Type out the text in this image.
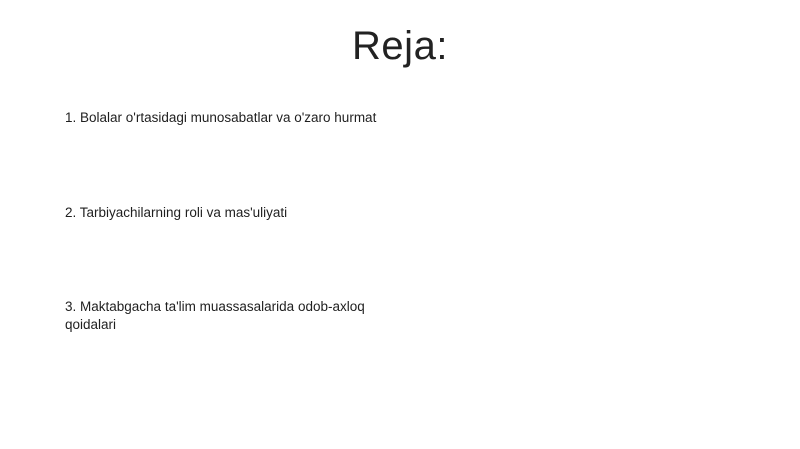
Reja:
1. Bolalar o'rtasidagi munosabatlar va o'zaro hurmat
2. Tarbiyachilarning roli va mas'uliyati
3. Maktabgacha ta'lim muassasalarida odob-axloq qoidalari
